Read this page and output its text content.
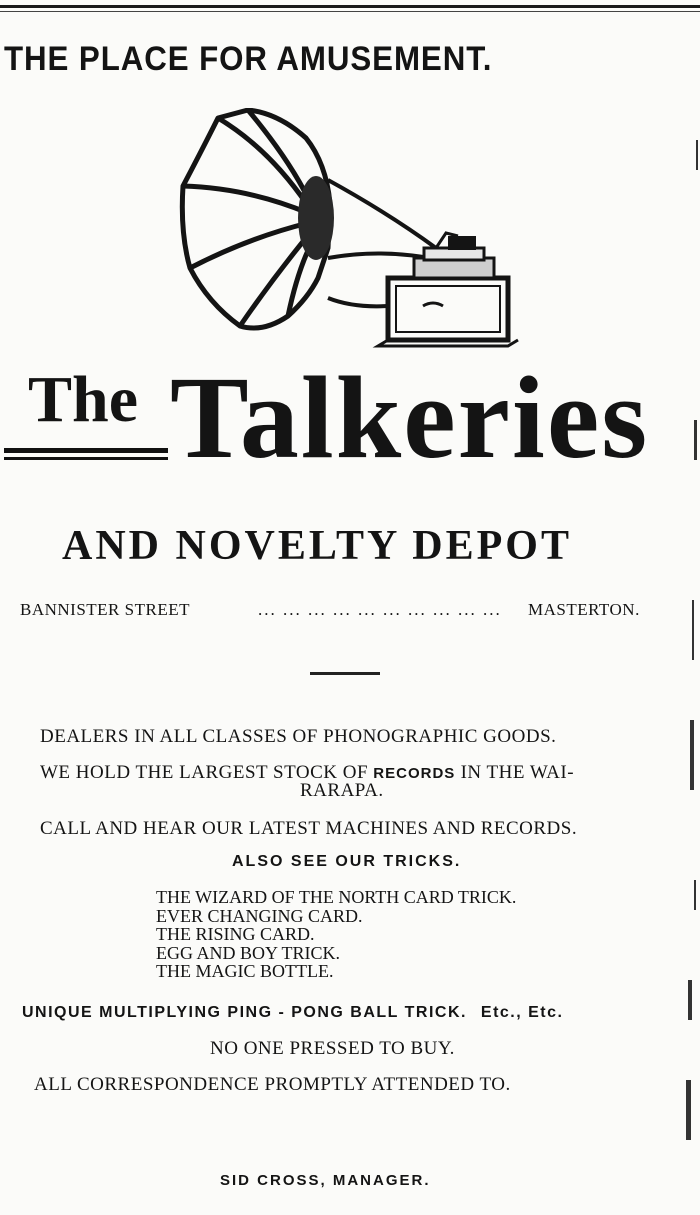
THE PLACE FOR AMUSEMENT.
The Talkeries
AND NOVELTY DEPOT
BANNISTER STREET	... ... ... ... ... ... ... ... ... ... MASTERTON.
DEALERS IN ALL CLASSES OF PHONOGRAPHIC GOODS.
WE HOLD THE LARGEST STOCK OF RECORDS IN THE WAI-
RARAPA.
CALL AND HEAR OUR LATEST MACHINES AND RECORDS.
ALSO SEE OUR TRICKS.
THE WIZARD OF THE NORTH CARD TRICK.
EVER CHANGING CARD.
THE RISING CARD.
EGG AND BOY TRICK.
THE MAGIC BOTTLE.
UNIQUE MULTIPLYING PING - PONG BALL TRICK. Etc., Etc.
NO ONE PRESSED TO BUY.
ALL CORRESPONDENCE PROMPTLY ATTENDED TO.
SID CROSS, MANAGER.
